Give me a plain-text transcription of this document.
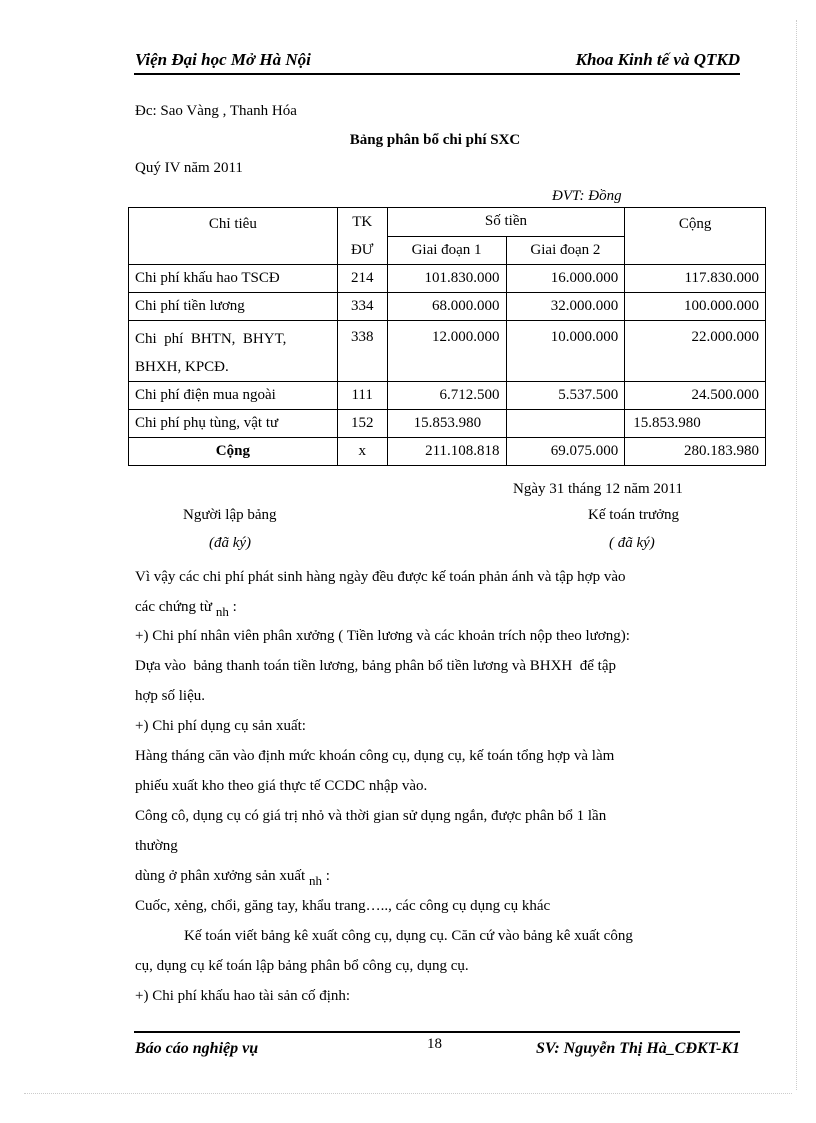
Viện Đại học Mở Hà Nội	Khoa Kinh tế và QTKD
Đc: Sao Vàng , Thanh Hóa
Bảng phân bổ chi phí SXC
Quý IV năm 2011
ĐVT: Đồng
Chỉ tiêu	TK	Số tiền		Cộng
	ĐƯ	Giai đoạn 1	Giai đoạn 2	
Chi phí khấu hao TSCĐ	214	101.830.000	16.000.000	117.830.000
Chi phí tiền lương	334	68.000.000	32.000.000	100.000.000

Chi  phí  BHTN,  BHYT,
BHXH, KPCĐ.	338	12.000.000	10.000.000	22.000.000
Chi phí điện mua ngoài	111	6.712.500	5.537.500	24.500.000
Chi phí phụ tùng, vật tư	152	15.853.980		15.853.980
Cộng	x	211.108.818	69.075.000	280.183.980
Ngày 31 tháng 12 năm 2011
Người lập bảng
(đã ký)
Kế toán trưởng
( đã ký)
Vì vậy các chi phí phát sinh hàng ngày đều được kế toán phản ánh và tập hợp vào
các chứng từ nh :
+) Chi phí nhân viên phân xưởng ( Tiền lương và các khoản trích nộp theo lương):
Dựa vào  bảng thanh toán tiền lương, bảng phân bổ tiền lương và BHXH  để tập
hợp số liệu.
+) Chi phí dụng cụ sản xuất:
Hàng tháng căn vào định mức khoán công cụ, dụng cụ, kế toán tổng hợp và làm
phiếu xuất kho theo giá thực tế CCDC nhập vào.
Công cô, dụng cụ có giá trị nhỏ và thời gian sử dụng ngắn, được phân bổ 1 lần
thường
dùng ở phân xưởng sản xuất nh :
Cuốc, xẻng, chổi, găng tay, khẩu trang….., các công cụ dụng cụ khác
Kế toán viết bảng kê xuất công cụ, dụng cụ. Căn cứ vào bảng kê xuất công
cụ, dụng cụ kế toán lập bảng phân bổ công cụ, dụng cụ.
+) Chi phí khấu hao tài sản cố định:
Báo cáo nghiệp vụ	18	SV: Nguyễn Thị Hà_CĐKT-K1
